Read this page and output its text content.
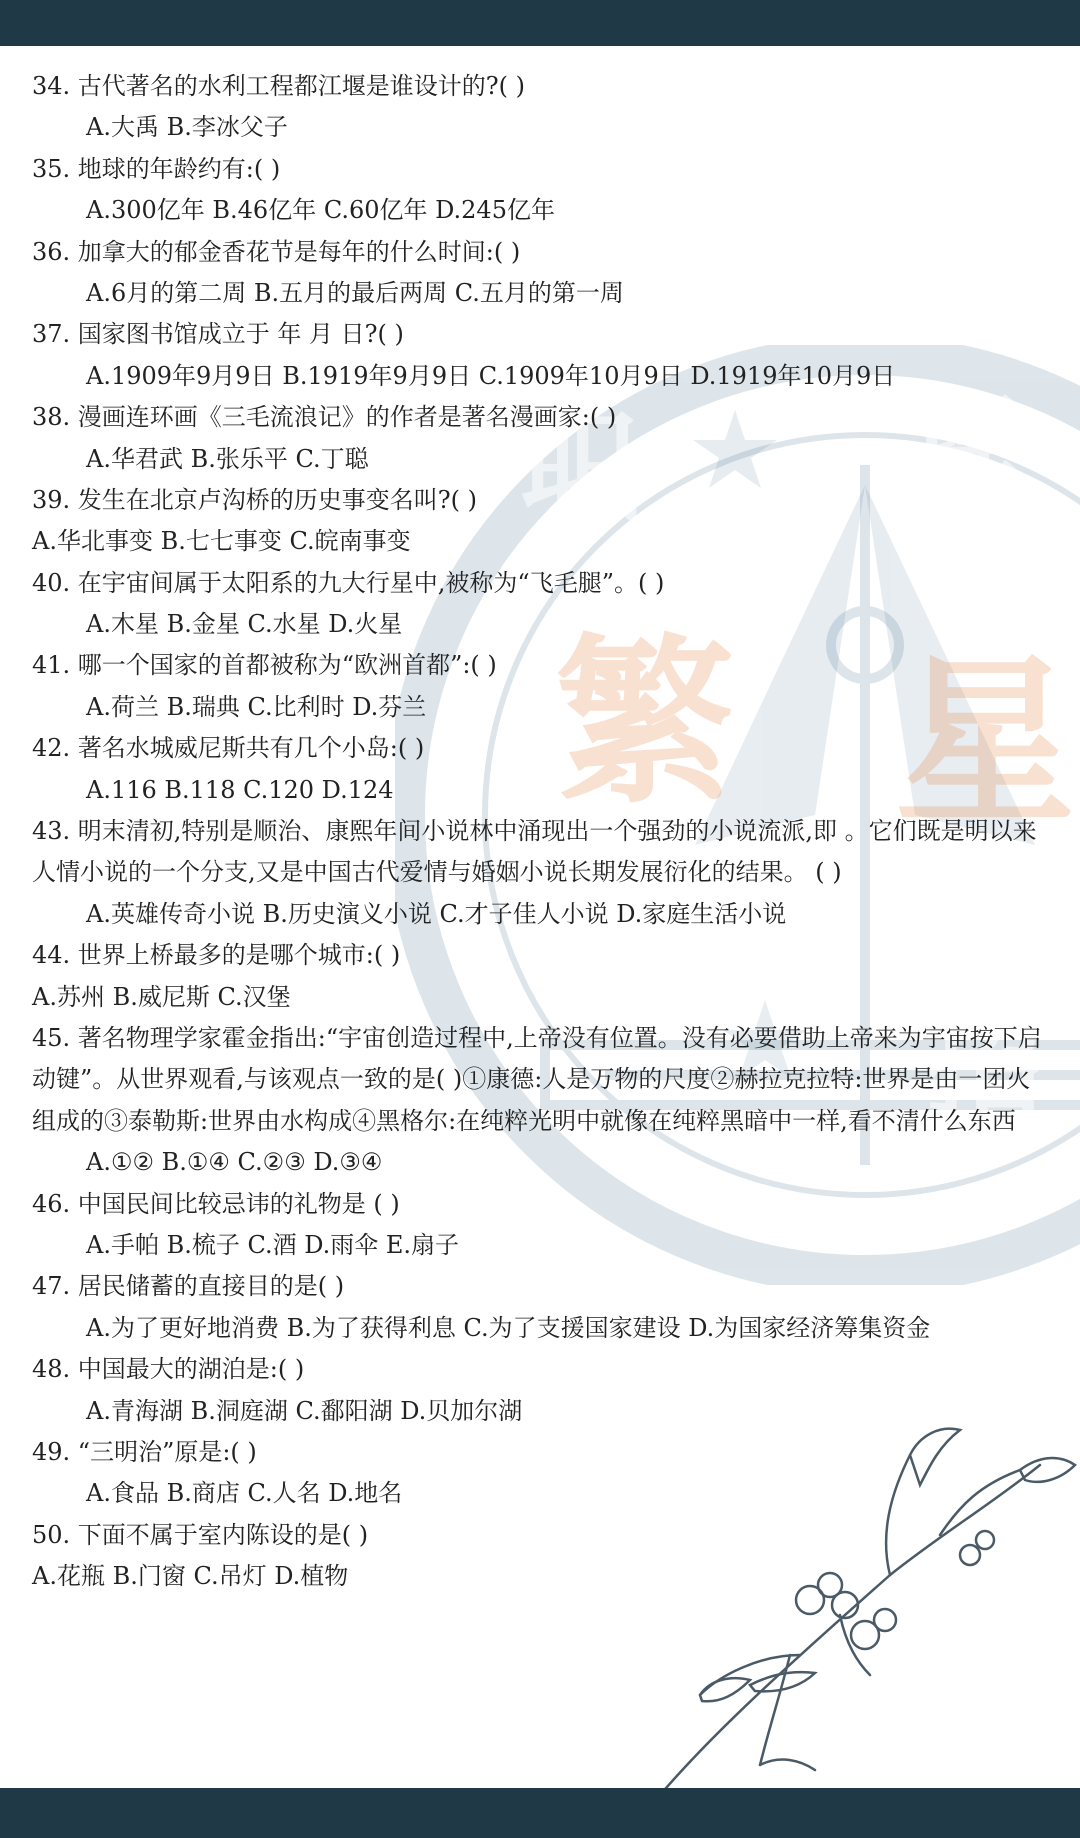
职 提
繁 星
招
34. 古代著名的水利工程都江堰是谁设计的?( )
A.大禹 B.李冰父子
35. 地球的年龄约有:( )
A.300亿年 B.46亿年 C.60亿年 D.245亿年
36. 加拿大的郁金香花节是每年的什么时间:( )
A.6月的第二周 B.五月的最后两周 C.五月的第一周
37. 国家图书馆成立于 年 月 日?( )
A.1909年9月9日 B.1919年9月9日 C.1909年10月9日 D.1919年10月9日
38. 漫画连环画《三毛流浪记》的作者是著名漫画家:( )
A.华君武 B.张乐平 C.丁聪
39. 发生在北京卢沟桥的历史事变名叫?( )
A.华北事变 B.七七事变 C.皖南事变
40. 在宇宙间属于太阳系的九大行星中,被称为“飞毛腿”。( )
A.木星 B.金星 C.水星 D.火星
41. 哪一个国家的首都被称为“欧洲首都”:( )
A.荷兰 B.瑞典 C.比利时 D.芬兰
42. 著名水城威尼斯共有几个小岛:( )
A.116 B.118 C.120 D.124
43. 明末清初,特别是顺治、康熙年间小说林中涌现出一个强劲的小说流派,即 。它们既是明以来人情小说的一个分支,又是中国古代爱情与婚姻小说长期发展衍化的结果。 ( )
A.英雄传奇小说 B.历史演义小说 C.才子佳人小说 D.家庭生活小说
44. 世界上桥最多的是哪个城市:( )
A.苏州 B.威尼斯 C.汉堡
45. 著名物理学家霍金指出:“宇宙创造过程中,上帝没有位置。没有必要借助上帝来为宇宙按下启动键”。从世界观看,与该观点一致的是( )①康德:人是万物的尺度②赫拉克拉特:世界是由一团火组成的③泰勒斯:世界由水构成④黑格尔:在纯粹光明中就像在纯粹黑暗中一样,看不清什么东西
A.①② B.①④ C.②③ D.③④
46. 中国民间比较忌讳的礼物是 ( )
A.手帕 B.梳子 C.酒 D.雨伞 E.扇子
47. 居民储蓄的直接目的是( )
A.为了更好地消费 B.为了获得利息 C.为了支援国家建设 D.为国家经济筹集资金
48. 中国最大的湖泊是:( )
A.青海湖 B.洞庭湖 C.鄱阳湖 D.贝加尔湖
49. “三明治”原是:( )
A.食品 B.商店 C.人名 D.地名
50. 下面不属于室内陈设的是( )
A.花瓶 B.门窗 C.吊灯 D.植物
